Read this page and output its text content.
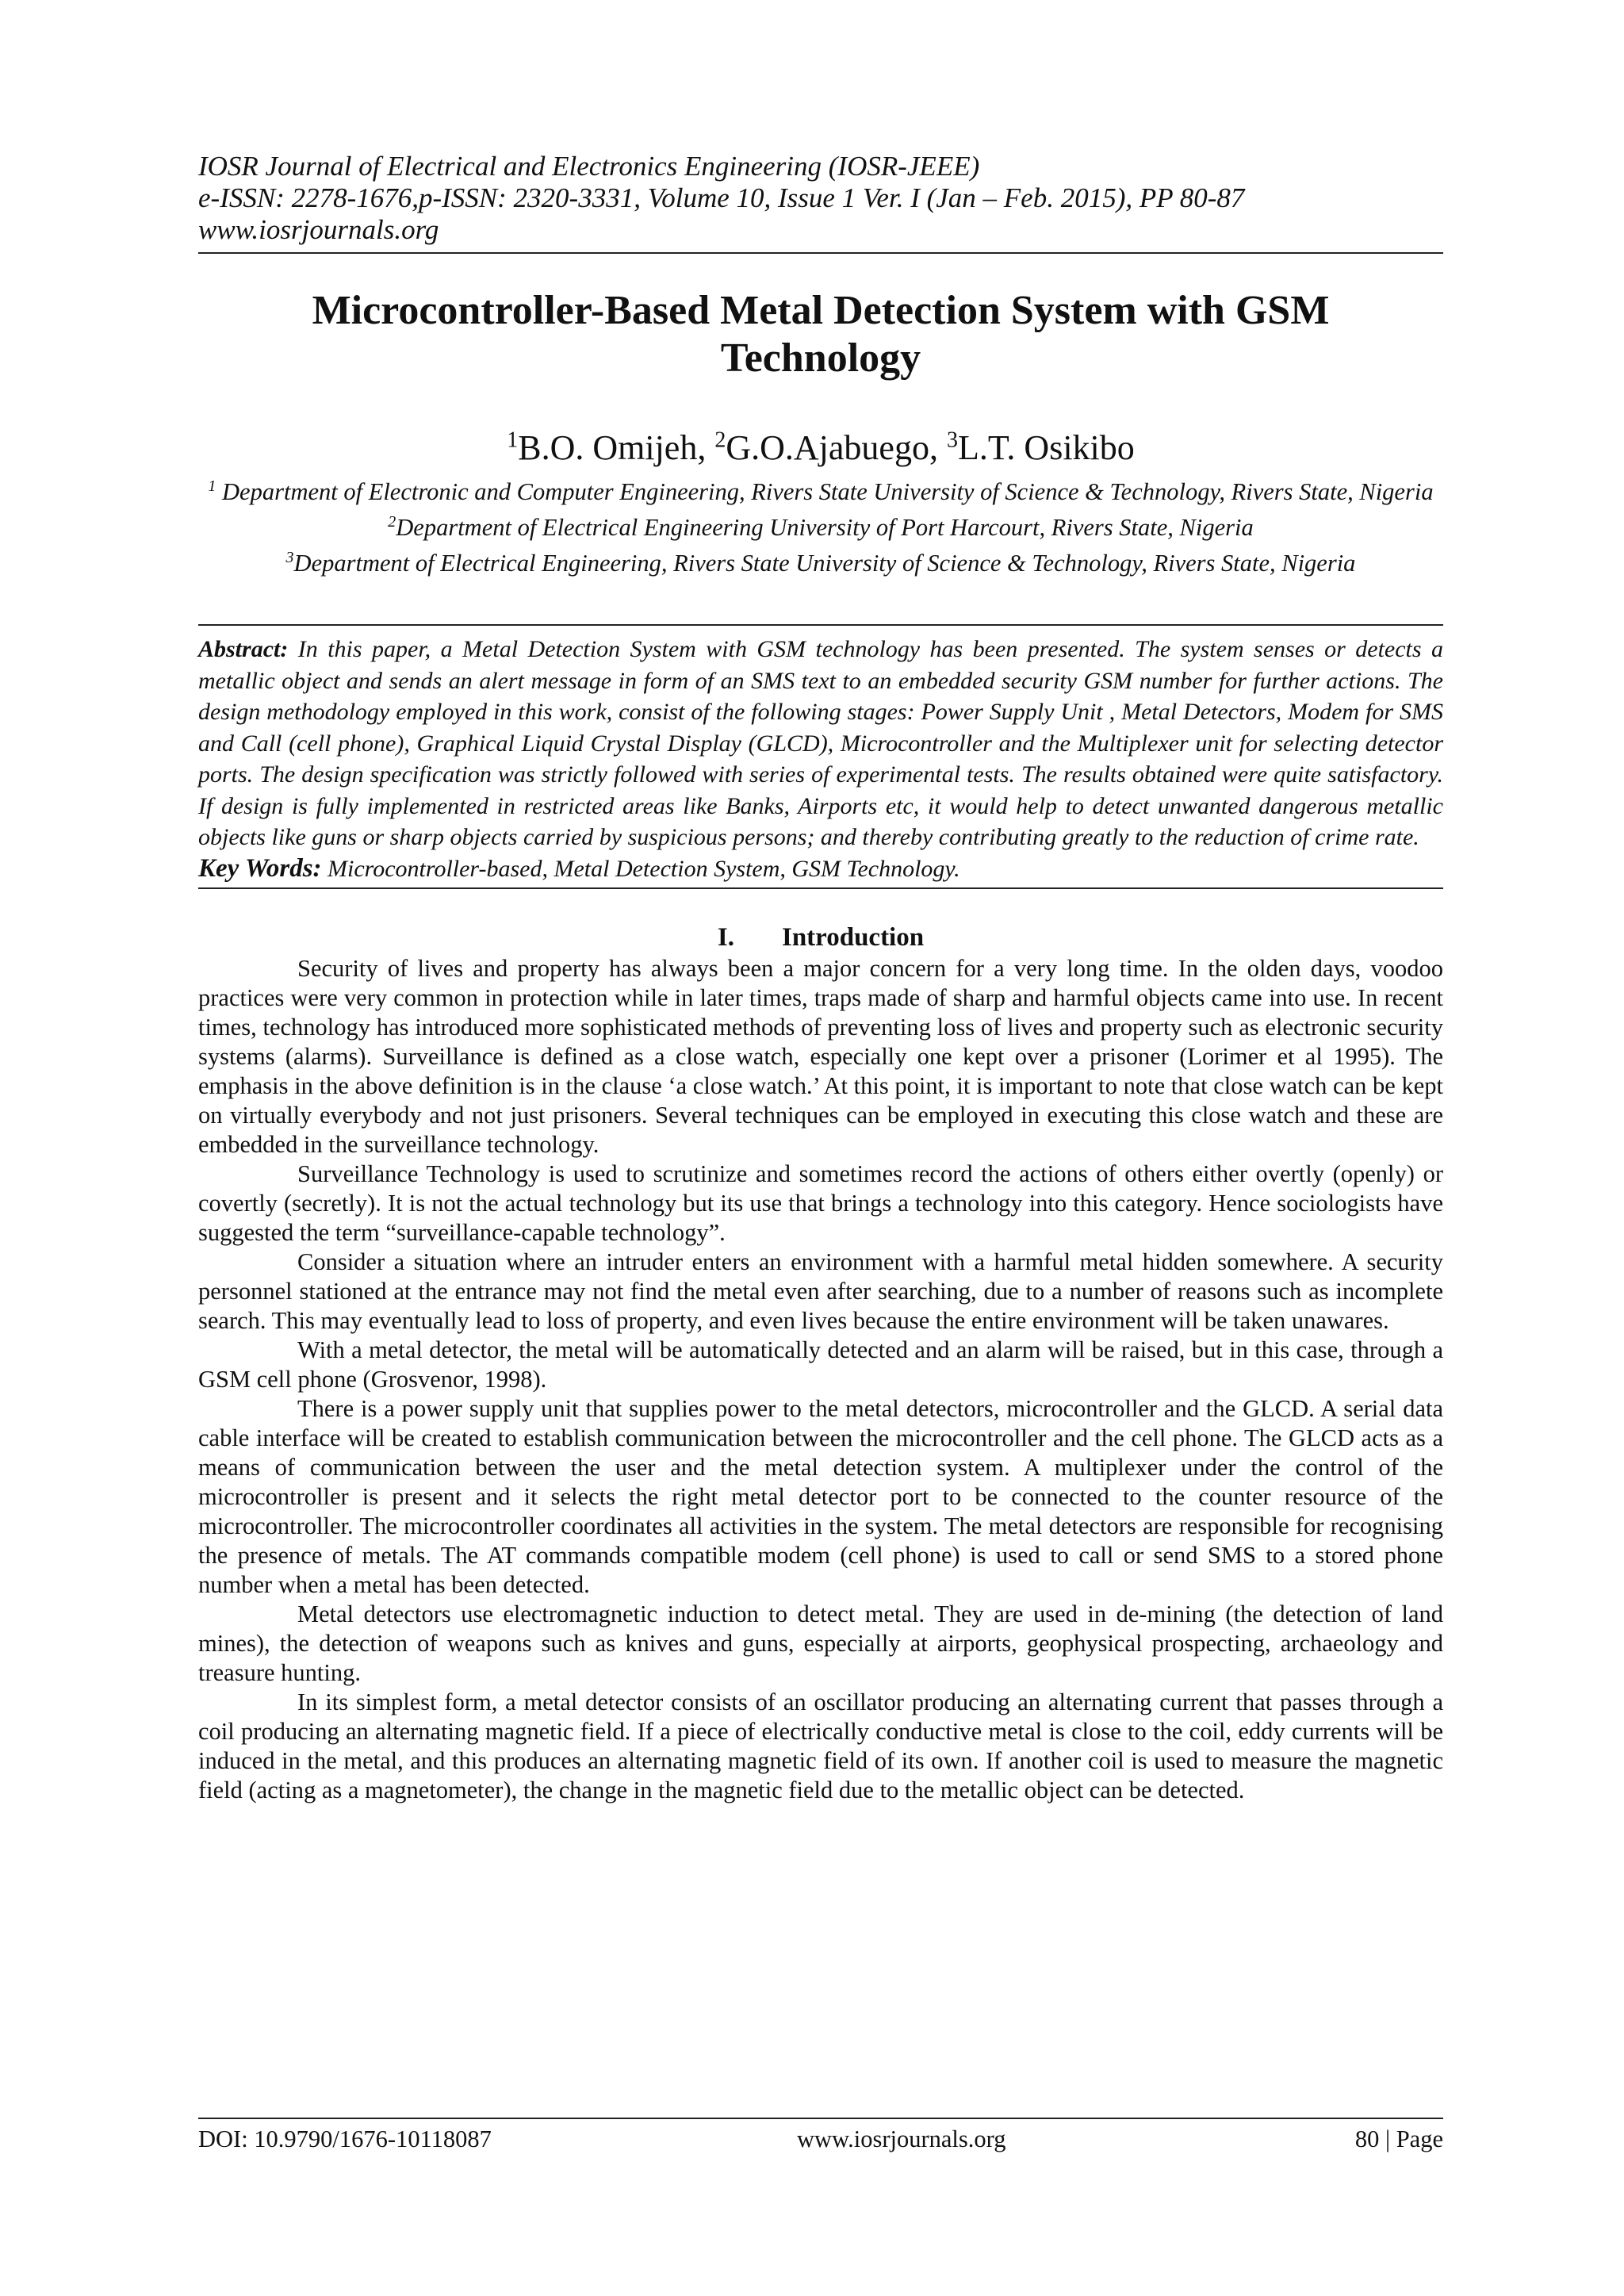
IOSR Journal of Electrical and Electronics Engineering (IOSR-JEEE)
e-ISSN: 2278-1676,p-ISSN: 2320-3331, Volume 10, Issue 1 Ver. I (Jan – Feb. 2015), PP 80-87
www.iosrjournals.org
Microcontroller-Based Metal Detection System with GSM Technology
$^1$B.O. Omijeh, $^2$G.O.Ajabuego, $^3$L.T. Osikibo
$^1$ Department of Electronic and Computer Engineering, Rivers State University of Science & Technology, Rivers State, Nigeria
$^2$Department of Electrical Engineering University of Port Harcourt, Rivers State, Nigeria
$^3$Department of Electrical Engineering, Rivers State University of Science & Technology, Rivers State, Nigeria
Abstract: In this paper, a Metal Detection System with GSM technology has been presented. The system senses or detects a metallic object and sends an alert message in form of an SMS text to an embedded security GSM number for further actions. The design methodology employed in this work, consist of the following stages: Power Supply Unit , Metal Detectors, Modem for SMS and Call (cell phone), Graphical Liquid Crystal Display (GLCD), Microcontroller and the Multiplexer unit for selecting detector ports. The design specification was strictly followed with series of experimental tests. The results obtained were quite satisfactory. If design is fully implemented in restricted areas like Banks, Airports etc, it would help to detect unwanted dangerous metallic objects like guns or sharp objects carried by suspicious persons; and thereby contributing greatly to the reduction of crime rate.
Key Words: Microcontroller-based, Metal Detection System, GSM Technology.
I. Introduction

Security of lives and property has always been a major concern for a very long time. In the olden days, voodoo practices were very common in protection while in later times, traps made of sharp and harmful objects came into use. In recent times, technology has introduced more sophisticated methods of preventing loss of lives and property such as electronic security systems (alarms). Surveillance is defined as a close watch, especially one kept over a prisoner (Lorimer et al 1995). The emphasis in the above definition is in the clause ‘a close watch.’ At this point, it is important to note that close watch can be kept on virtually everybody and not just prisoners. Several techniques can be employed in executing this close watch and these are embedded in the surveillance technology.

Surveillance Technology is used to scrutinize and sometimes record the actions of others either overtly (openly) or covertly (secretly). It is not the actual technology but its use that brings a technology into this category. Hence sociologists have suggested the term “surveillance-capable technology”.

Consider a situation where an intruder enters an environment with a harmful metal hidden somewhere. A security personnel stationed at the entrance may not find the metal even after searching, due to a number of reasons such as incomplete search. This may eventually lead to loss of property, and even lives because the entire environment will be taken unawares.

With a metal detector, the metal will be automatically detected and an alarm will be raised, but in this case, through a GSM cell phone (Grosvenor, 1998).

There is a power supply unit that supplies power to the metal detectors, microcontroller and the GLCD. A serial data cable interface will be created to establish communication between the microcontroller and the cell phone. The GLCD acts as a means of communication between the user and the metal detection system. A multiplexer under the control of the microcontroller is present and it selects the right metal detector port to be connected to the counter resource of the microcontroller. The microcontroller coordinates all activities in the system. The metal detectors are responsible for recognising the presence of metals. The AT commands compatible modem (cell phone) is used to call or send SMS to a stored phone number when a metal has been detected.

Metal detectors use electromagnetic induction to detect metal. They are used in de-mining (the detection of land mines), the detection of weapons such as knives and guns, especially at airports, geophysical prospecting, archaeology and treasure hunting.

In its simplest form, a metal detector consists of an oscillator producing an alternating current that passes through a coil producing an alternating magnetic field. If a piece of electrically conductive metal is close to the coil, eddy currents will be induced in the metal, and this produces an alternating magnetic field of its own. If another coil is used to measure the magnetic field (acting as a magnetometer), the change in the magnetic field due to the metallic object can be detected.

DOI: 10.9790/1676-10118087	www.iosrjournals.org	80 | Page
